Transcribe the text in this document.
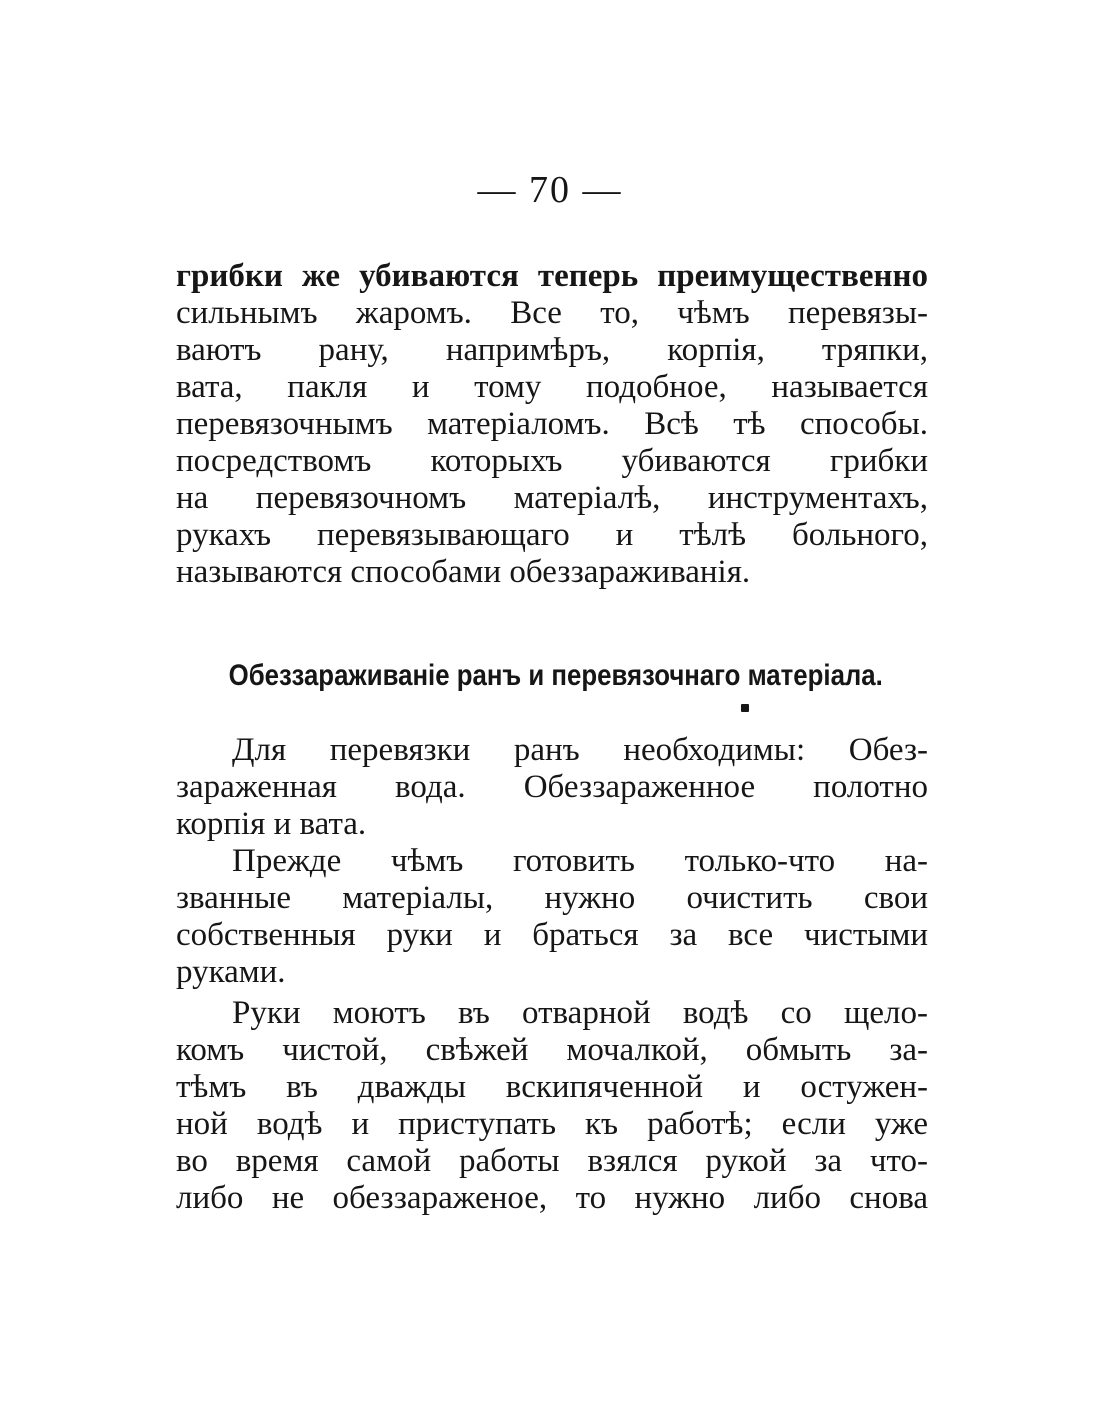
— 70 —
грибки же убиваются теперь преимущественно
сильнымъ жаромъ. Все то, чѣмъ перевязы-
ваютъ рану, напримѣръ, корпія, тряпки,
вата, пакля и тому подобное, называется
перевязочнымъ матеріаломъ. Всѣ тѣ способы.
посредствомъ которыхъ убиваются грибки
на перевязочномъ матеріалѣ, инструментахъ,
рукахъ перевязывающаго и тѣлѣ больного,
называются способами обеззараживанія.
Обеззараживаніе ранъ и перевязочнаго матеріала.
Для перевязки ранъ необходимы: Обез-
зараженная вода. Обеззараженное полотно
корпія и вата.
Прежде чѣмъ готовить только-что на-
званные матеріалы, нужно очистить свои
собственныя руки и браться за все чистыми
руками.
Руки моютъ въ отварной водѣ со щело-
комъ чистой, свѣжей мочалкой, обмыть за-
тѣмъ въ дважды вскипяченной и остужен-
ной водѣ и приступать къ работѣ; если уже
во время самой работы взялся рукой за что-
либо не обеззараженое, то нужно либо снова
